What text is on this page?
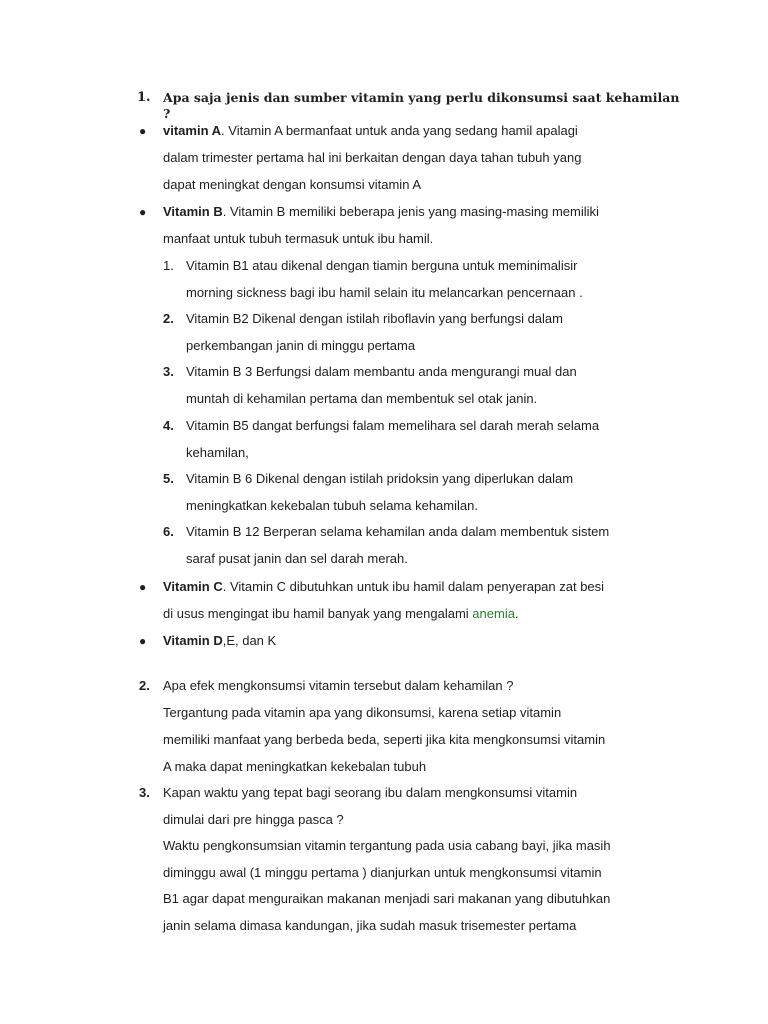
1. Apa saja jenis dan sumber vitamin yang perlu dikonsumsi saat kehamilan
?
● vitamin A. Vitamin A bermanfaat untuk anda yang sedang hamil apalagi
dalam trimester pertama hal ini berkaitan dengan daya tahan tubuh yang
dapat meningkat dengan konsumsi vitamin A
● Vitamin B. Vitamin B memiliki beberapa jenis yang masing-masing memiliki
manfaat untuk tubuh termasuk untuk ibu hamil.
1. Vitamin B1 atau dikenal dengan tiamin berguna untuk meminimalisir
morning sickness bagi ibu hamil selain itu melancarkan pencernaan .
2. Vitamin B2 Dikenal dengan istilah riboflavin yang berfungsi dalam
perkembangan janin di minggu pertama
3. Vitamin B 3 Berfungsi dalam membantu anda mengurangi mual dan
muntah di kehamilan pertama dan membentuk sel otak janin.
4. Vitamin B5 dangat berfungsi falam memelihara sel darah merah selama
kehamilan,
5. Vitamin B 6 Dikenal dengan istilah pridoksin yang diperlukan dalam
meningkatkan kekebalan tubuh selama kehamilan.
6. Vitamin B 12 Berperan selama kehamilan anda dalam membentuk sistem
saraf pusat janin dan sel darah merah.
● Vitamin C. Vitamin C dibutuhkan untuk ibu hamil dalam penyerapan zat besi
di usus mengingat ibu hamil banyak yang mengalami anemia.
● Vitamin D,E, dan K
2. Apa efek mengkonsumsi vitamin tersebut dalam kehamilan ?
Tergantung pada vitamin apa yang dikonsumsi, karena setiap vitamin
memiliki manfaat yang berbeda beda, seperti jika kita mengkonsumsi vitamin
A maka dapat meningkatkan kekebalan tubuh
3. Kapan waktu yang tepat bagi seorang ibu dalam mengkonsumsi vitamin
dimulai dari pre hingga pasca ?
Waktu pengkonsumsian vitamin tergantung pada usia cabang bayi, jika masih
diminggu awal (1 minggu pertama ) dianjurkan untuk mengkonsumsi vitamin
B1 agar dapat menguraikan makanan menjadi sari makanan yang dibutuhkan
janin selama dimasa kandungan, jika sudah masuk trisemester pertama
